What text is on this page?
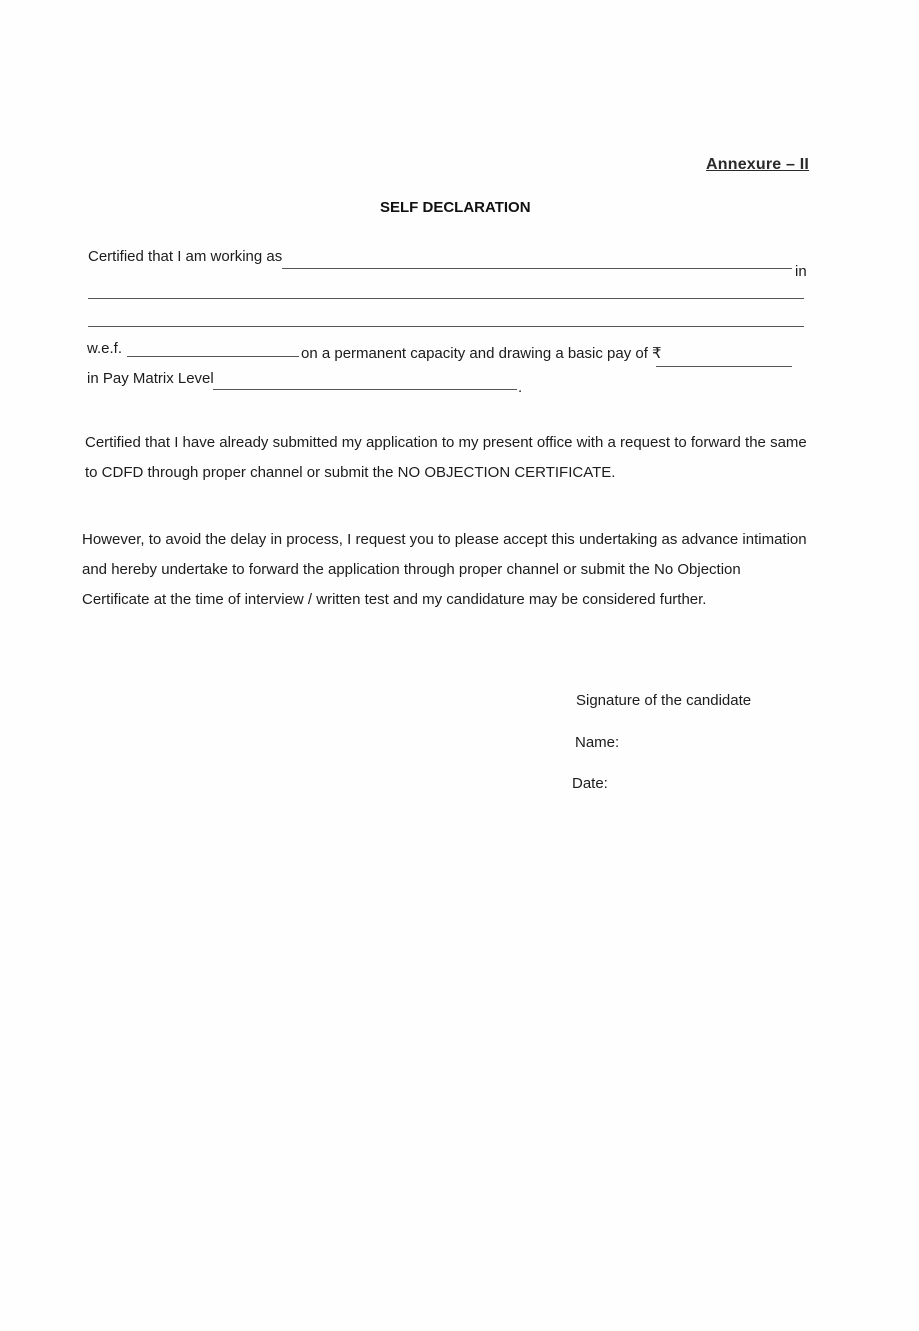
Annexure – II
SELF DECLARATION
Certified that I am working as
in
w.e.f.	on a permanent capacity and drawing a basic pay of ₹
in Pay Matrix Level
.
Certified that I have already submitted my application to my present office with a request to forward the same to CDFD through proper channel or submit the NO OBJECTION CERTIFICATE.
However, to avoid the delay in process, I request you to please accept this undertaking as advance intimation and hereby undertake to forward the application through proper channel or submit the No Objection Certificate at the time of interview / written test and my candidature may be considered further.
Signature of the candidate
Name:
Date:
